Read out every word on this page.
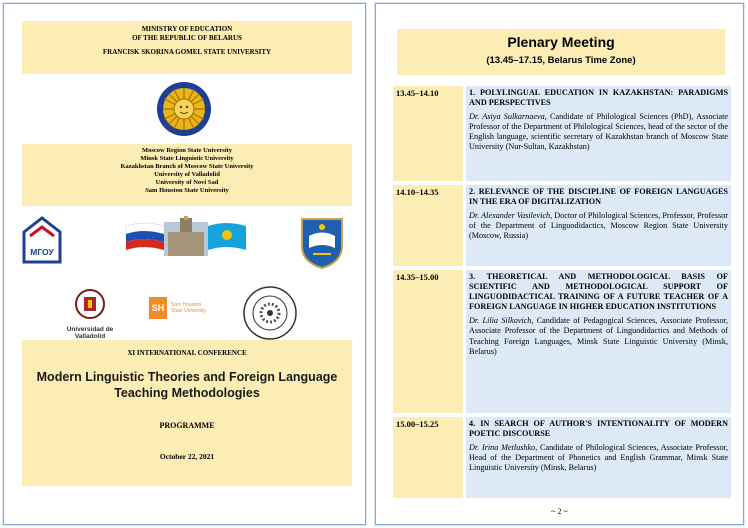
MINISTRY OF EDUCATION
OF THE REPUBLIC OF BELARUS
FRANCISK SKORINA GOMEL STATE UNIVERSITY
Moscow Region State University
Minsk State Linguistic University
Kazakhstan Branch of Moscow State University
University of Valladolid
University of Novi Sad
Sam Houston State University
МГОУ
Universidad de Valladolid
SH	Sam Houston
State University
XI INTERNATIONAL CONFERENCE
Modern Linguistic Theories and Foreign Language Teaching Methodologies
PROGRAMME
October 22, 2021
Plenary Meeting
(13.45–17.15, Belarus Time Zone)
13.45–14.10	1. POLYLINGUAL EDUCATION IN KAZAKHSTAN: PARADIGMS AND PERSPECTIVES
Dr. Asiya Sulkarnaeva, Candidate of Philological Sciences (PhD), Associate Professor of the Department of Philological Sciences, head of the sector of the English language, scientific secretary of Kazakhstan branch of Moscow State University (Nur-Sultan, Kazakhstan)
14.10–14.35	2. RELEVANCE OF THE DISCIPLINE OF FOREIGN LANGUAGES IN THE ERA OF DIGITALIZATION
Dr. Alexander Vasilevich, Doctor of Philological Sciences, Professor, Professor of the Department of Linguodidactics, Moscow Region State University (Moscow, Russia)
14.35–15.00	3. THEORETICAL AND METHODOLOGICAL BASIS OF SCIENTIFIC AND METHODOLOGICAL SUPPORT OF LINGUODIDACTICAL TRAINING OF A FUTURE TEACHER OF A FOREIGN LANGUAGE IN HIGHER EDUCATION INSTITUTIONS
Dr. Lilia Silkovich, Candidate of Pedagogical Sciences, Associate Professor, Associate Professor of the Department of Linguodidactics and Methods of Teaching Foreign Languages, Minsk State Linguistic University (Minsk, Belarus)
15.00–15.25	4. IN SEARCH OF AUTHOR'S INTENTIONALITY OF MODERN POETIC DISCOURSE
Dr. Irina Metlushko, Candidate of Philological Sciences, Associate Professor, Head of the Department of Phonetics and English Grammar, Minsk State Linguistic University (Minsk, Belarus)
~ 2 ~
